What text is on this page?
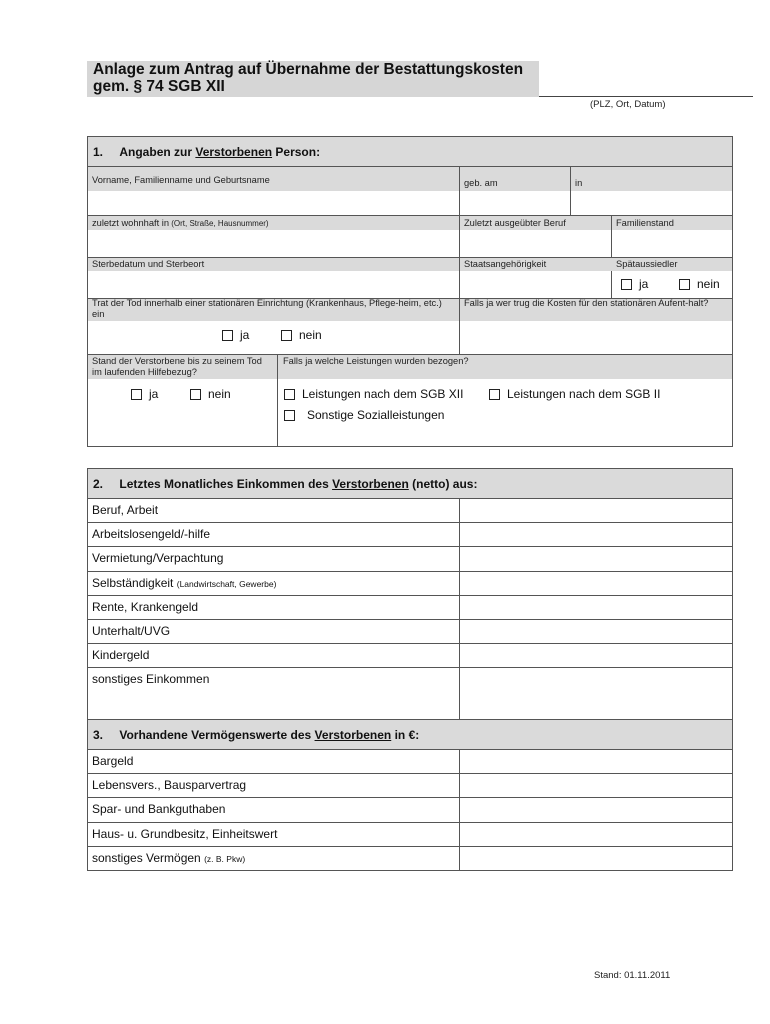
Anlage zum Antrag auf Übernahme der Bestattungskosten
gem. § 74 SGB XII
(PLZ, Ort, Datum)
1. Angaben zur Verstorbenen Person:
Vorname, Familienname und Geburtsname	geb. am	in
zuletzt wohnhaft in (Ort, Straße, Hausnummer)	Zuletzt ausgeübter Beruf	Familienstand
Sterbedatum und Sterbeort	Staatsangehörigkeit	Spätaussiedler
ja	nein
Trat der Tod innerhalb einer stationären Einrichtung (Krankenhaus, Pflege-heim, etc.) ein
Falls ja wer trug die Kosten für den stationären Aufent-halt?
ja	nein
Stand der Verstorbene bis zu seinem Tod im laufenden Hilfebezug?
Falls ja welche Leistungen wurden bezogen?
ja	nein	Leistungen nach dem SGB XII	Leistungen nach dem SGB II
Sonstige Sozialleistungen
2. Letztes Monatliches Einkommen des Verstorbenen (netto) aus:
Beruf, Arbeit
Arbeitslosengeld/-hilfe
Vermietung/Verpachtung
Selbständigkeit (Landwirtschaft, Gewerbe)
Rente, Krankengeld
Unterhalt/UVG
Kindergeld
sonstiges Einkommen
3. Vorhandene Vermögenswerte des Verstorbenen in €:
Bargeld
Lebensvers., Bausparvertrag
Spar- und Bankguthaben
Haus- u. Grundbesitz, Einheitswert
sonstiges Vermögen (z. B. Pkw)
Stand: 01.11.2011
